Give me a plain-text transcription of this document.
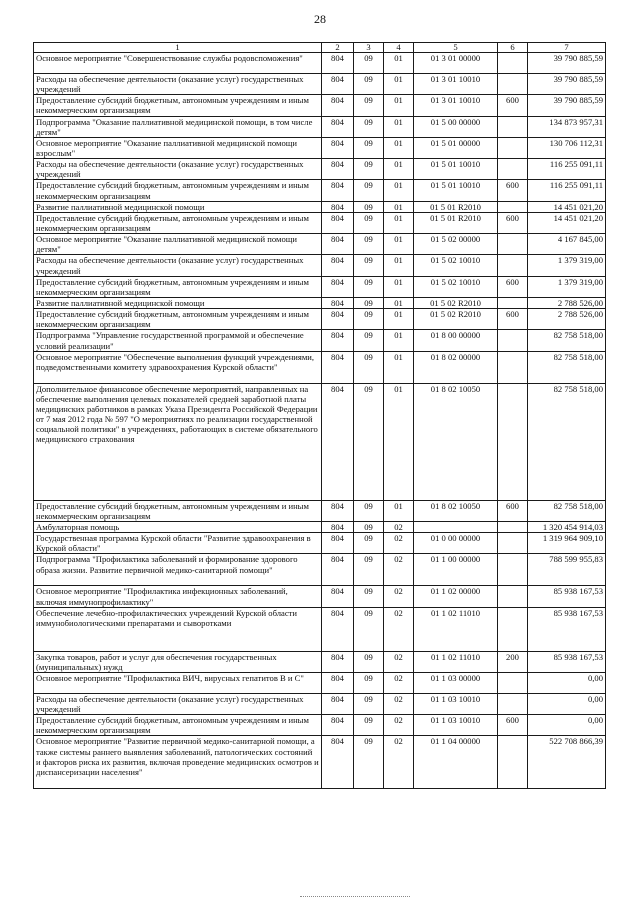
28
1	2	3	4	5	6	7
Основное мероприятие "Совершенствование службы родовспоможения"	804	09	01	01 3 01 00000		39 790 885,59
Расходы на обеспечение деятельности (оказание услуг) государственных учреждений	804	09	01	01 3 01 10010		39 790 885,59
Предоставление субсидий бюджетным, автономным учреждениям и иным некоммерческим организациям	804	09	01	01 3 01 10010	600	39 790 885,59
Подпрограмма "Оказание паллиативной медицинской помощи, в том числе детям"	804	09	01	01 5 00 00000		134 873 957,31
Основное мероприятие "Оказание паллиативной медицинской помощи взрослым"	804	09	01	01 5 01 00000		130 706 112,31
Расходы на обеспечение деятельности (оказание услуг) государственных учреждений	804	09	01	01 5 01 10010		116 255 091,11
Предоставление субсидий бюджетным, автономным учреждениям и иным некоммерческим организациям	804	09	01	01 5 01 10010	600	116 255 091,11
Развитие паллиативной медицинской помощи	804	09	01	01 5 01 R2010		14 451 021,20
Предоставление субсидий бюджетным, автономным учреждениям и иным некоммерческим организациям	804	09	01	01 5 01 R2010	600	14 451 021,20
Основное мероприятие "Оказание паллиативной медицинской помощи детям"	804	09	01	01 5 02 00000		4 167 845,00
Расходы на обеспечение деятельности (оказание услуг) государственных учреждений	804	09	01	01 5 02 10010		1 379 319,00
Предоставление субсидий бюджетным, автономным учреждениям и иным некоммерческим организациям	804	09	01	01 5 02 10010	600	1 379 319,00
Развитие паллиативной медицинской помощи	804	09	01	01 5 02 R2010		2 788 526,00
Предоставление субсидий бюджетным, автономным учреждениям и иным некоммерческим организациям	804	09	01	01 5 02 R2010	600	2 788 526,00
Подпрограмма "Управление государственной программой и обеспечение условий реализации"	804	09	01	01 8 00 00000		82 758 518,00
Основное мероприятие "Обеспечение выполнения функций учреждениями, подведомственными комитету здравоохранения Курской области"	804	09	01	01 8 02 00000		82 758 518,00
Дополнительное финансовое обеспечение мероприятий, направленных на обеспечение выполнения целевых показателей средней заработной платы медицинских работников в рамках Указа Президента Российской Федерации от 7 мая 2012 года № 597 "О мероприятиях по реализации государственной социальной политики" в учреждениях, работающих в системе обязательного медицинского страхования	804	09	01	01 8 02 10050		82 758 518,00
Предоставление субсидий бюджетным, автономным учреждениям и иным некоммерческим организациям	804	09	01	01 8 02 10050	600	82 758 518,00
Амбулаторная помощь	804	09	02			1 320 454 914,03
Государственная программа Курской области "Развитие здравоохранения в Курской области"	804	09	02	01 0 00 00000		1 319 964 909,10
Подпрограмма "Профилактика заболеваний и формирование здорового образа жизни. Развитие первичной медико-санитарной помощи"	804	09	02	01 1 00 00000		788 599 955,83
Основное мероприятие "Профилактика инфекционных заболеваний, включая иммунопрофилактику"	804	09	02	01 1 02 00000		85 938 167,53
Обеспечение лечебно-профилактических учреждений Курской области иммунобиологическими препаратами и сыворотками	804	09	02	01 1 02 11010		85 938 167,53
Закупка товаров, работ и услуг для обеспечения государственных (муниципальных) нужд	804	09	02	01 1 02 11010	200	85 938 167,53
Основное мероприятие "Профилактика ВИЧ, вирусных гепатитов В и С"	804	09	02	01 1 03 00000		0,00
Расходы на обеспечение деятельности (оказание услуг) государственных учреждений	804	09	02	01 1 03 10010		0,00
Предоставление субсидий бюджетным, автономным учреждениям и иным некоммерческим организациям	804	09	02	01 1 03 10010	600	0,00
Основное мероприятие "Развитие первичной медико-санитарной помощи, а также системы раннего выявления заболеваний, патологических состояний и факторов риска их развития, включая проведение медицинских осмотров и диспансеризации населения"	804	09	02	01 1 04 00000		522 708 866,39
